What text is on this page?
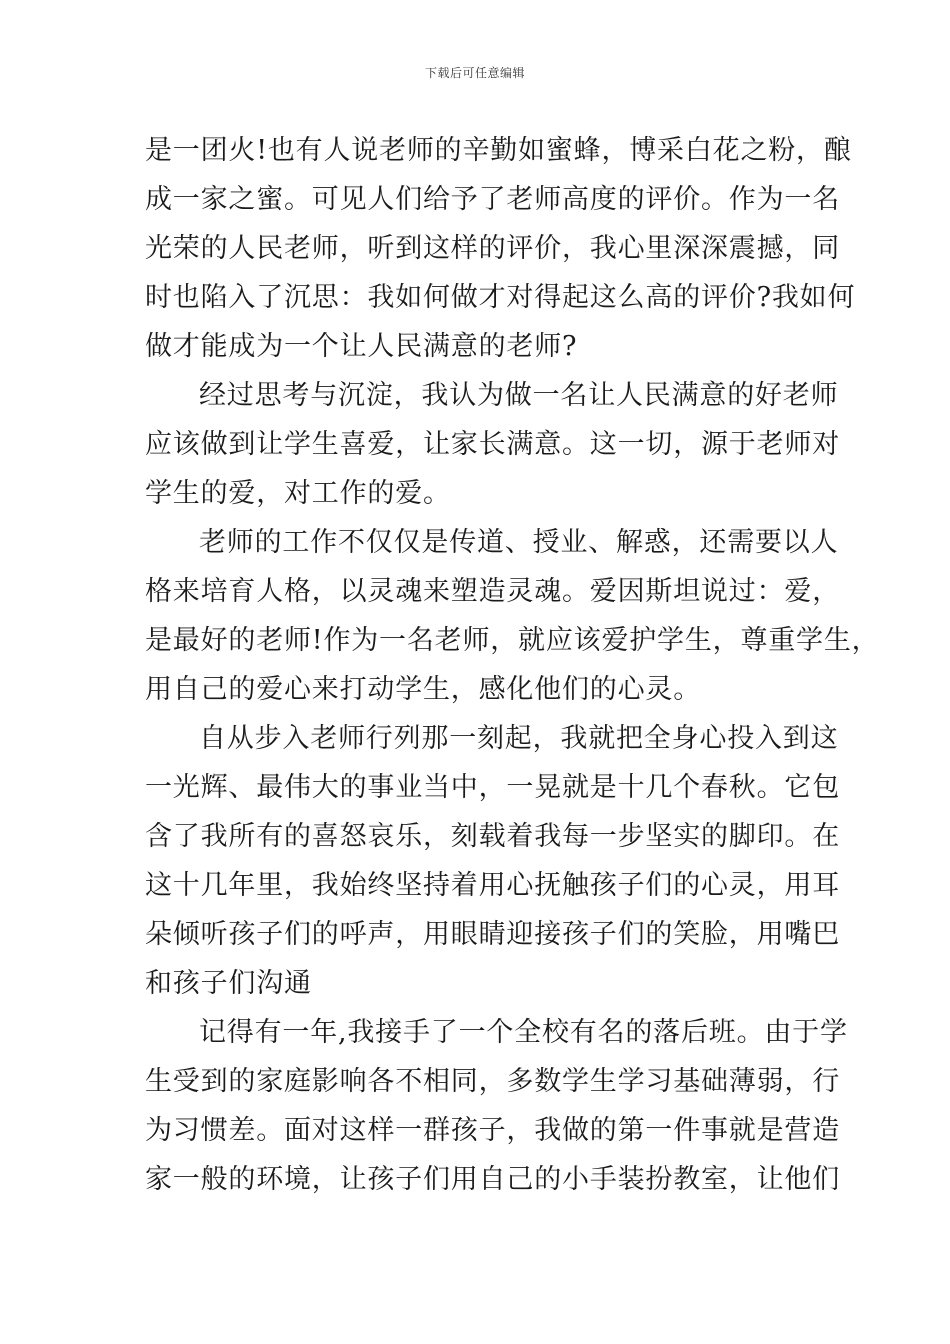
下载后可任意编辑

是一团火!也有人说老师的辛勤如蜜蜂，博采白花之粉，酿
成一家之蜜。可见人们给予了老师高度的评价。作为一名
光荣的人民老师，听到这样的评价，我心里深深震撼，同
时也陷入了沉思：我如何做才对得起这么高的评价?我如何
做才能成为一个让人民满意的老师?

经过思考与沉淀，我认为做一名让人民满意的好老师
应该做到让学生喜爱，让家长满意。这一切，源于老师对
学生的爱，对工作的爱。

老师的工作不仅仅是传道、授业、解惑，还需要以人
格来培育人格，以灵魂来塑造灵魂。爱因斯坦说过：爱，
是最好的老师!作为一名老师，就应该爱护学生，尊重学生，
用自己的爱心来打动学生，感化他们的心灵。

自从步入老师行列那一刻起，我就把全身心投入到这
一光辉、最伟大的事业当中，一晃就是十几个春秋。它包
含了我所有的喜怒哀乐，刻载着我每一步坚实的脚印。在
这十几年里，我始终坚持着用心抚触孩子们的心灵，用耳
朵倾听孩子们的呼声，用眼睛迎接孩子们的笑脸，用嘴巴
和孩子们沟通

记得有一年,我接手了一个全校有名的落后班。由于学
生受到的家庭影响各不相同，多数学生学习基础薄弱，行
为习惯差。面对这样一群孩子，我做的第一件事就是营造
家一般的环境，让孩子们用自己的小手装扮教室，让他们
